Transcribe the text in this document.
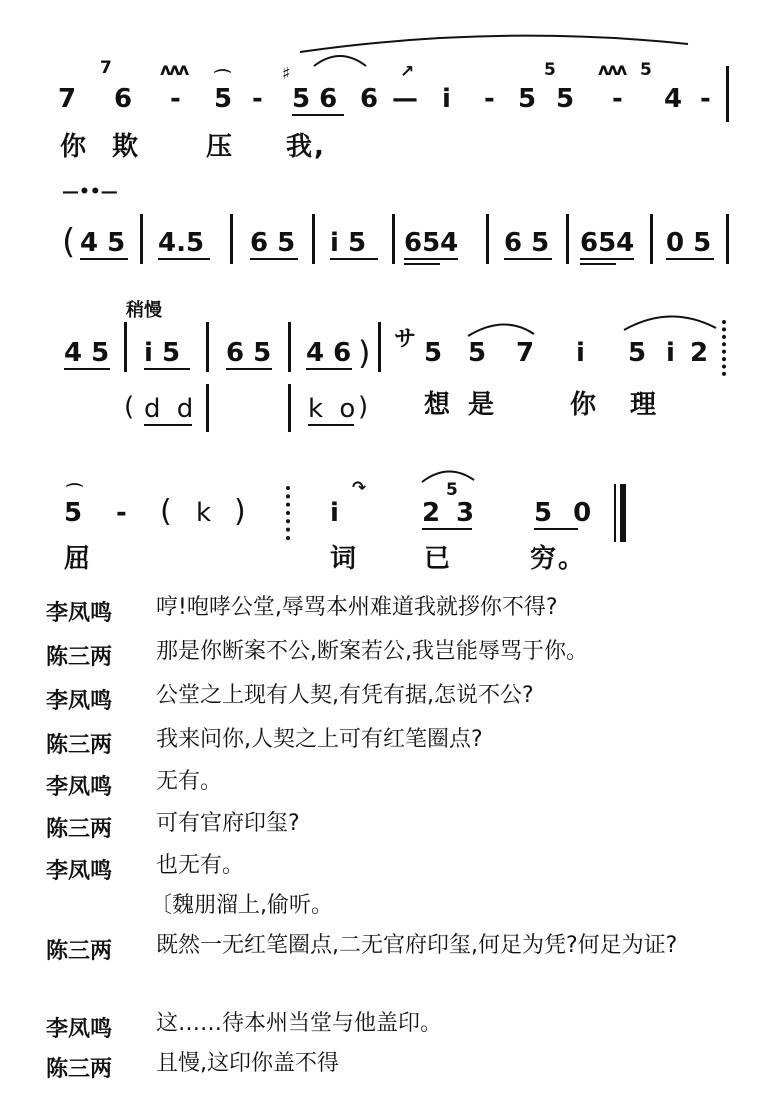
7
7
6
ʌʌʌ
-
⌒
5 -
♯
5 6 6 —
↗
i - 5
5
5
ʌʌʌ
-
5
4 -
你 欺	压 我,
—••—
( 4 5 4.5 6 5 i 5 654 6 5 654 0 5
稍慢
4 5 i 5 6 5 4 6 ) サ 5 5 7 i 5 i 2
( d d	k o
) 想 是	你 理
⌒
5 - ( k )	i
↷
2
5
3 5 0
屈	词	已	穷。
李凤鸣	哼!咆哮公堂,辱骂本州难道我就拶你不得?
陈三两	那是你断案不公,断案若公,我岂能辱骂于你。
李凤鸣	公堂之上现有人契,有凭有据,怎说不公?
陈三两	我来问你,人契之上可有红笔圈点?
李凤鸣	无有。
陈三两	可有官府印玺?
李凤鸣	也无有。
〔魏朋溜上,偷听。
陈三两	既然一无红笔圈点,二无官府印玺,何足为凭?何足为证?
李凤鸣	这……待本州当堂与他盖印。
陈三两	且慢,这印你盖不得
